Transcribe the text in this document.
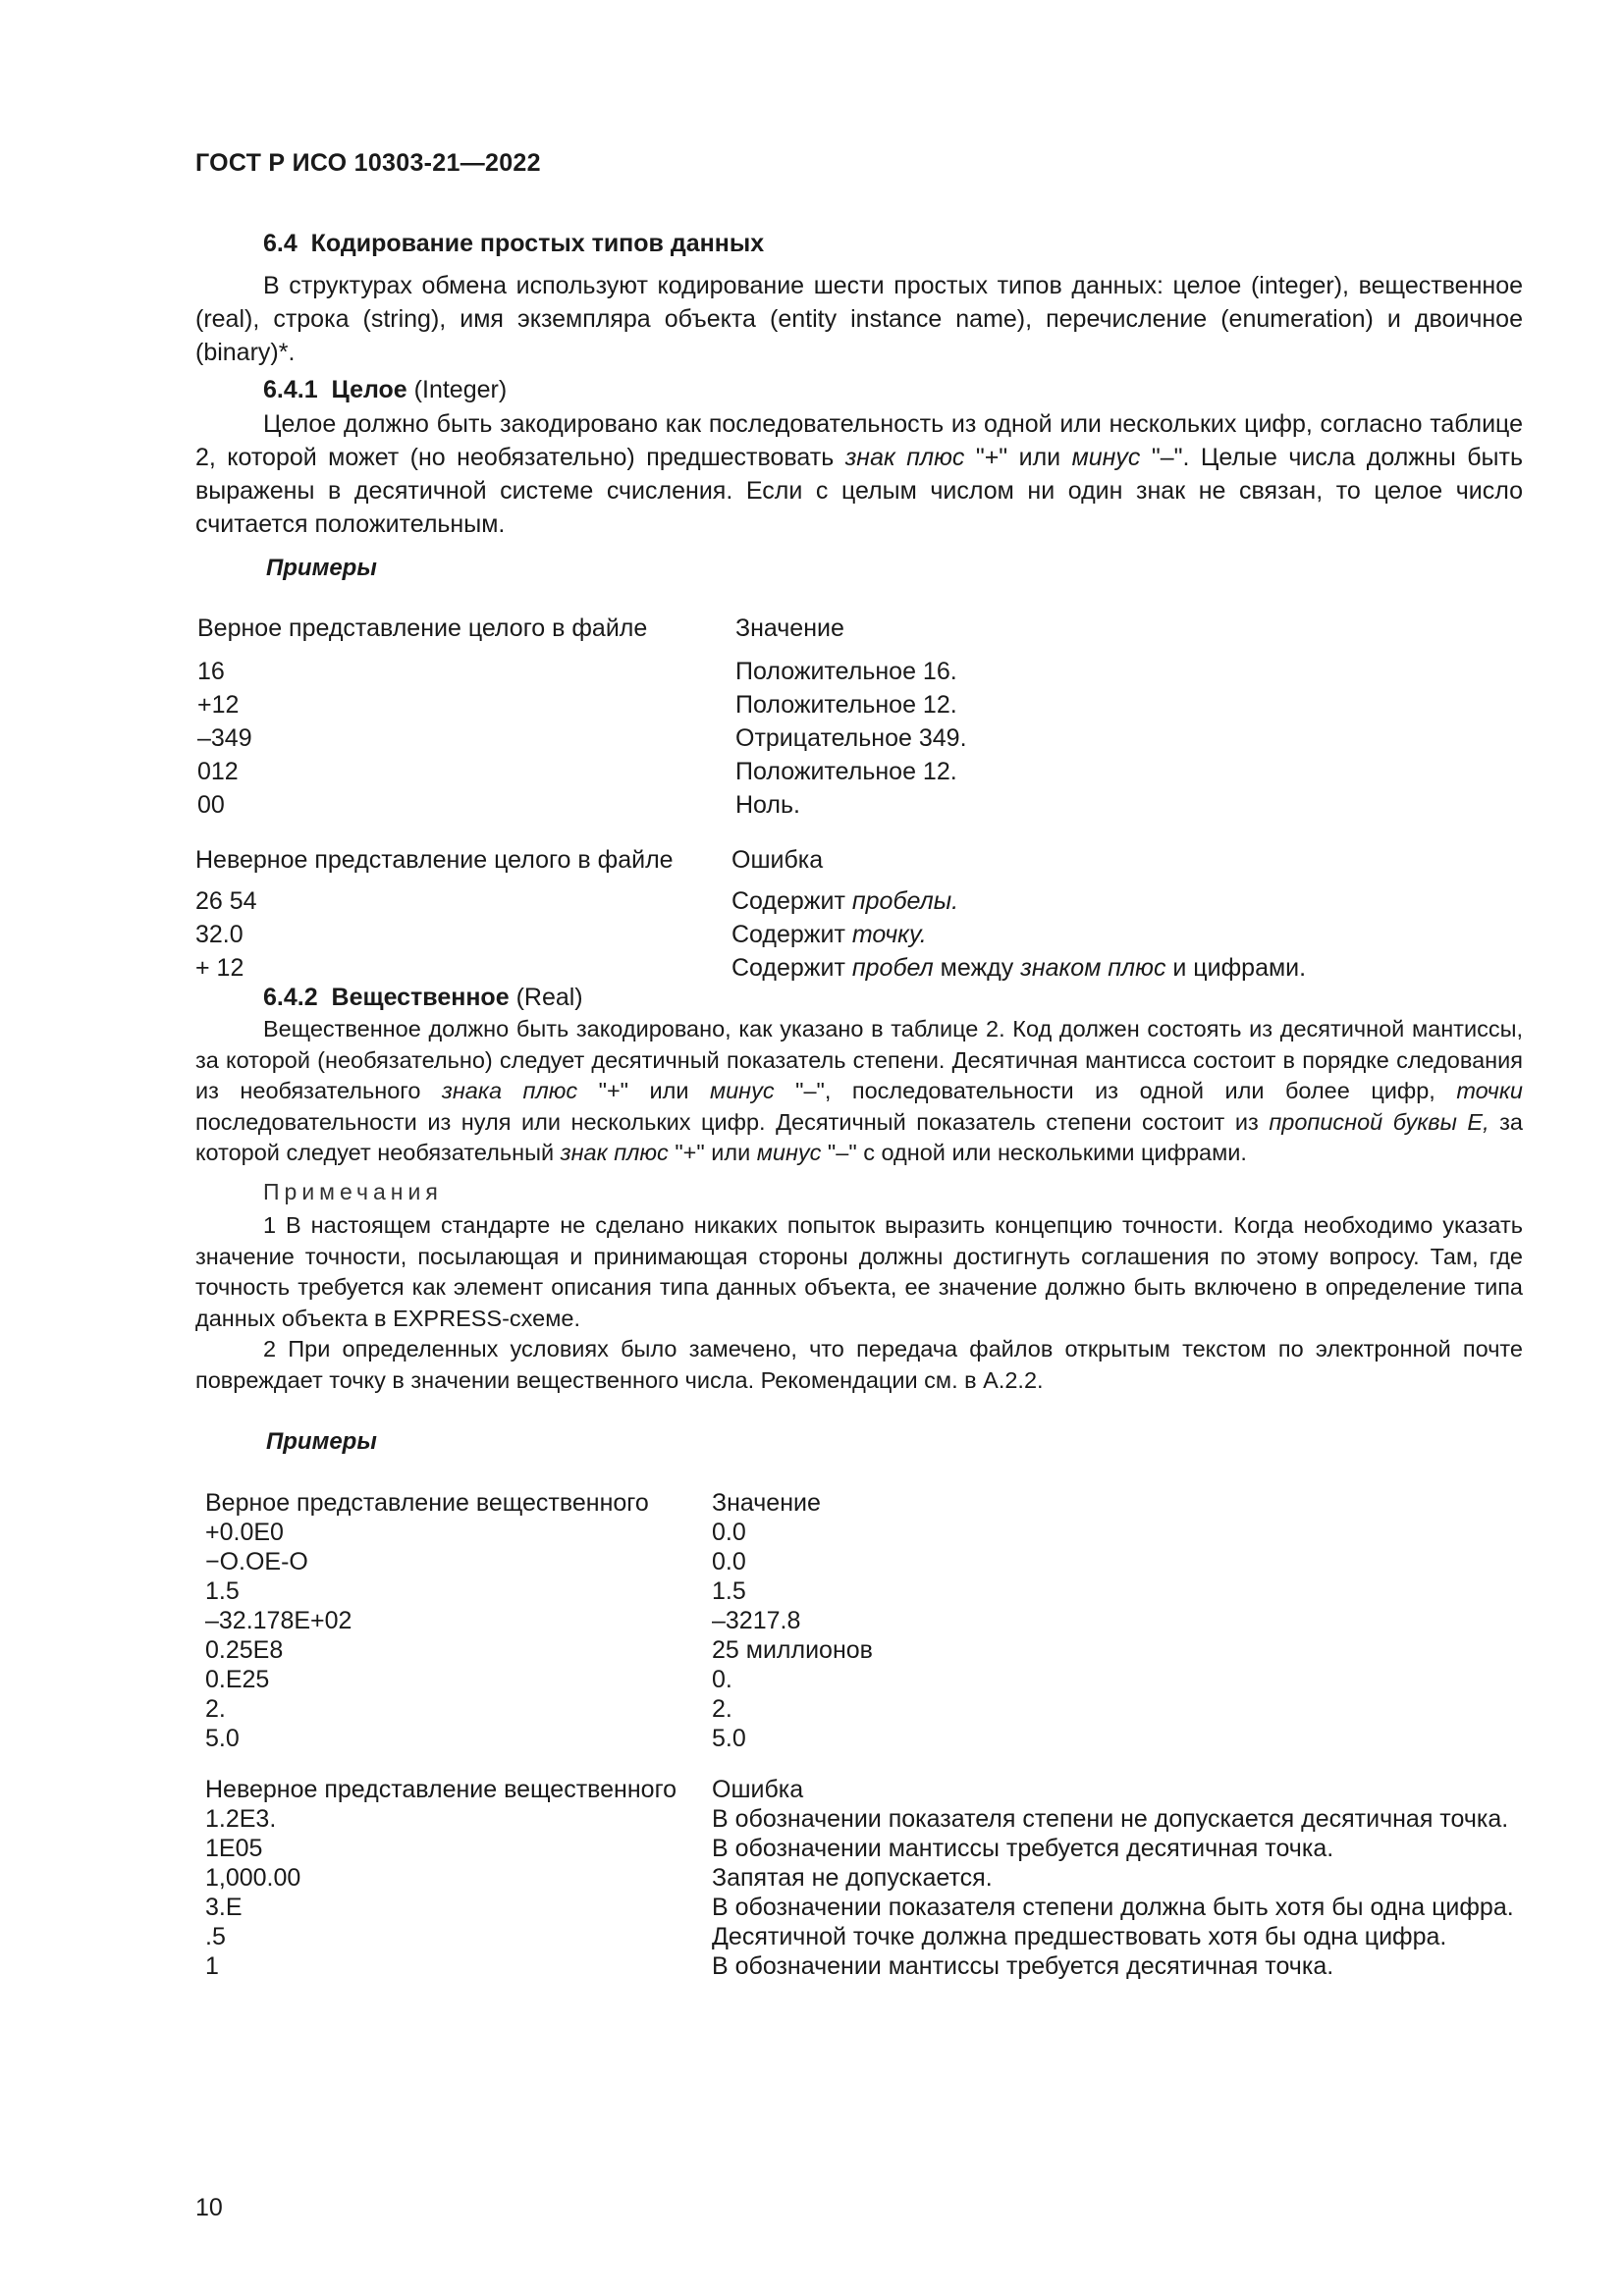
ГОСТ Р ИСО 10303-21—2022
6.4 Кодирование простых типов данных

В структурах обмена используют кодирование шести простых типов данных: целое (integer), вещественное (real), строка (string), имя экземпляра объекта (entity instance name), перечисление (enumeration) и двоичное (binary)*.

6.4.1 Целое (Integer)

Целое должно быть закодировано как последовательность из одной или нескольких цифр, согласно таблице 2, которой может (но необязательно) предшествовать знак плюс "+" или минус "–". Целые числа должны быть выражены в десятичной системе счисления. Если с целым числом ни один знак не связан, то целое число считается положительным.

Примеры
Верное представление целого в файле	Значение
16	Положительное 16.
+12	Положительное 12.
–349	Отрицательное 349.
012	Положительное 12.
00	Ноль.
Неверное представление целого в файле Ошибка
26 54	Содержит пробелы.
32.0	Содержит точку.
+ 12	Содержит пробел между знаком плюс и цифрами.
6.4.2 Вещественное (Real)

Вещественное должно быть закодировано, как указано в таблице 2. Код должен состоять из десятичной мантиссы, за которой (необязательно) следует десятичный показатель степени. Десятичная мантисса состоит в порядке следования из необязательного знака плюс "+" или минус "–", последовательности из одной или более цифр, точки последовательности из нуля или нескольких цифр. Десятичный показатель степени состоит из прописной буквы Е, за которой следует необязательный знак плюс "+" или минус "–" с одной или несколькими цифрами.

Примечания

1 В настоящем стандарте не сделано никаких попыток выразить концепцию точности. Когда необходимо указать значение точности, посылающая и принимающая стороны должны достигнуть соглашения по этому вопросу. Там, где точность требуется как элемент описания типа данных объекта, ее значение должно быть включено в определение типа данных объекта в EXPRESS-схеме.

2 При определенных условиях было замечено, что передача файлов открытым текстом по электронной почте повреждает точку в значении вещественного числа. Рекомендации см. в А.2.2.

Примеры
Верное представление вещественного	Значение
+0.0E0	0.0
−O.OE-O	0.0
1.5	1.5
–32.178E+02	–3217.8
0.25E8	25 миллионов
0.E25	0.
2.	2.
5.0	5.0
Неверное представление вещественного Ошибка
1.2E3.	В обозначении показателя степени не допускается десятичная точка.
1E05	В обозначении мантиссы требуется десятичная точка.
1,000.00	Запятая не допускается.
3.E	В обозначении показателя степени должна быть хотя бы одна цифра.
.5	Десятичной точке должна предшествовать хотя бы одна цифра.
1	В обозначении мантиссы требуется десятичная точка.
10
